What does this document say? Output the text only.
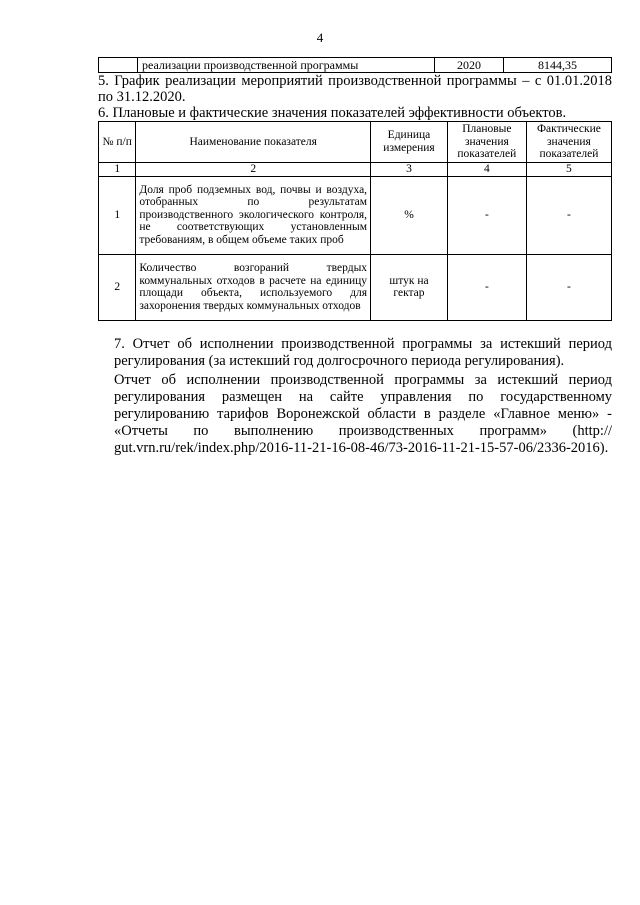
4
	реализации производственной программы	2020	8144,35
5. График реализации мероприятий производственной программы – с 01.01.2018 по 31.12.2020.
6. Плановые и фактические значения показателей эффективности объектов.
№ п/п	Наименование показателя	Единица измерения	Плановые значения показателей	Фактические значения показателей
1	2	3	4	5
1	Доля проб подземных вод, почвы и воздуха, отобранных по результатам производственного экологического контроля, не соответствующих установленным требованиям, в общем объеме таких проб	%	-	-
2	Количество возгораний твердых коммунальных отходов в расчете на единицу площади объекта, используемого для захоронения твердых коммунальных отходов	штук на гектар	-	-
7. Отчет об исполнении производственной программы за истекший период регулирования (за истекший год долгосрочного периода регулирования).
Отчет об исполнении производственной программы за истекший период регулирования размещен на сайте управления по государственному регулированию тарифов Воронежской области в разделе «Главное меню» - «Отчеты по выполнению производственных программ» (http:// gut.vrn.ru/rek/index.php/2016-11-21-16-08-46/73-2016-11-21-15-57-06/2336-2016).
